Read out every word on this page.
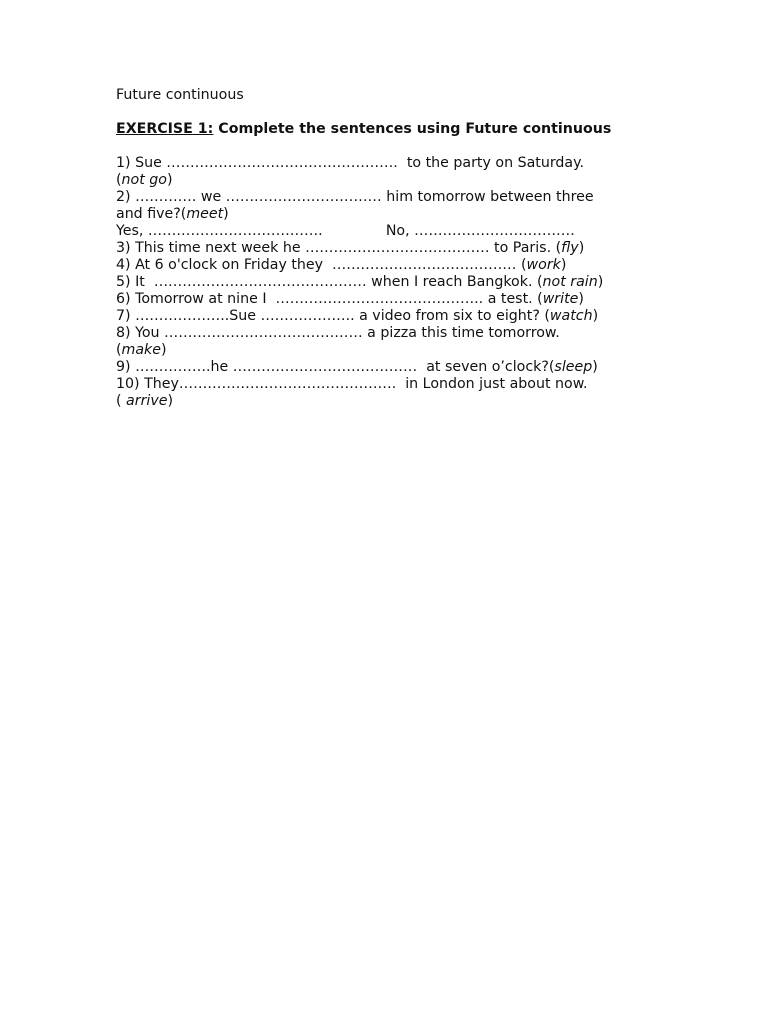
Future continuous
EXERCISE 1: Complete the sentences using Future continuous
1) Sue ………………………………………….  to the party on Saturday.
(not go)
2) …………. we …………………………… him tomorrow between three
and five?(meet)
Yes, ……………………………….              No, …………………………….
3) This time next week he ………………………………… to Paris. (fly)
4) At 6 o'clock on Friday they  ………………………………… (work)
5) It  ……………………………………… when I reach Bangkok. (not rain)
6) Tomorrow at nine I  …………………………………….. a test. (write)
7) ………………..Sue ……………….. a video from six to eight? (watch)
8) You …………………………………… a pizza this time tomorrow.
(make)
9) …………….he …………………………………  at seven o’clock?(sleep)
10) They……………………………………….  in London just about now.
( arrive)
